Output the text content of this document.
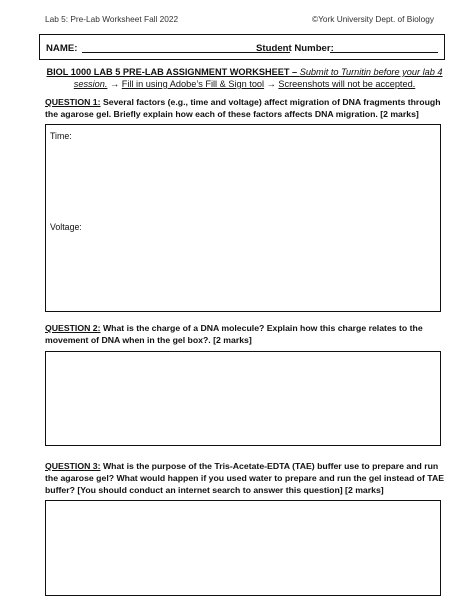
Lab 5: Pre-Lab Worksheet Fall 2022	©York University Dept. of Biology
NAME:	Student Number:
BIOL 1000 LAB 5 PRE-LAB ASSIGNMENT WORKSHEET – Submit to Turnitin before your lab 4 session. → Fill in using Adobe’s Fill & Sign tool → Screenshots will not be accepted.
QUESTION 1: Several factors (e.g., time and voltage) affect migration of DNA fragments through the agarose gel. Briefly explain how each of these factors affects DNA migration. [2 marks]
Time:
Voltage:
QUESTION 2: What is the charge of a DNA molecule? Explain how this charge relates to the movement of DNA when in the gel box?. [2 marks]
QUESTION 3: What is the purpose of the Tris-Acetate-EDTA (TAE) buffer use to prepare and run the agarose gel? What would happen if you used water to prepare and run the gel instead of TAE buffer? [You should conduct an internet search to answer this question] [2 marks]
